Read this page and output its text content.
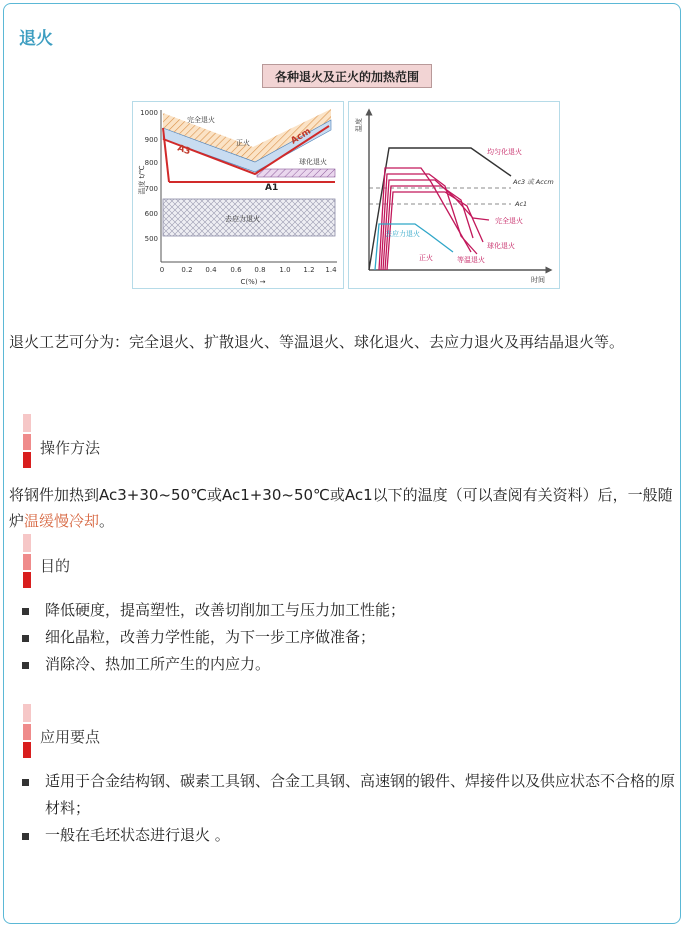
退火
各种退火及正火的加热范围
1000
900
800
700
600
500
0 0.2 0.4 0.6 0.8 1.0 1.2 1.4
C(%) →
温度 t/℃
完全退火
正火	Acm
A3
球化退火
A1
去应力退火
温度
时间
Ac3 或 Accm
Ac1
均匀化退火
去应力退火
完全退火
球化退火
正火	等温退火
退火工艺可分为：完全退火、扩散退火、等温退火、球化退火、去应力退火及再结晶退火等。
操作方法
将钢件加热到Ac3+30~50℃或Ac1+30~50℃或Ac1以下的温度（可以查阅有关资料）后，一般随炉温缓慢冷却。
目的
降低硬度，提高塑性，改善切削加工与压力加工性能；
细化晶粒，改善力学性能，为下一步工序做准备；
消除冷、热加工所产生的内应力。
应用要点
适用于合金结构钢、碳素工具钢、合金工具钢、高速钢的锻件、焊接件以及供应状态不合格的原材料；
一般在毛坯状态进行退火 。
